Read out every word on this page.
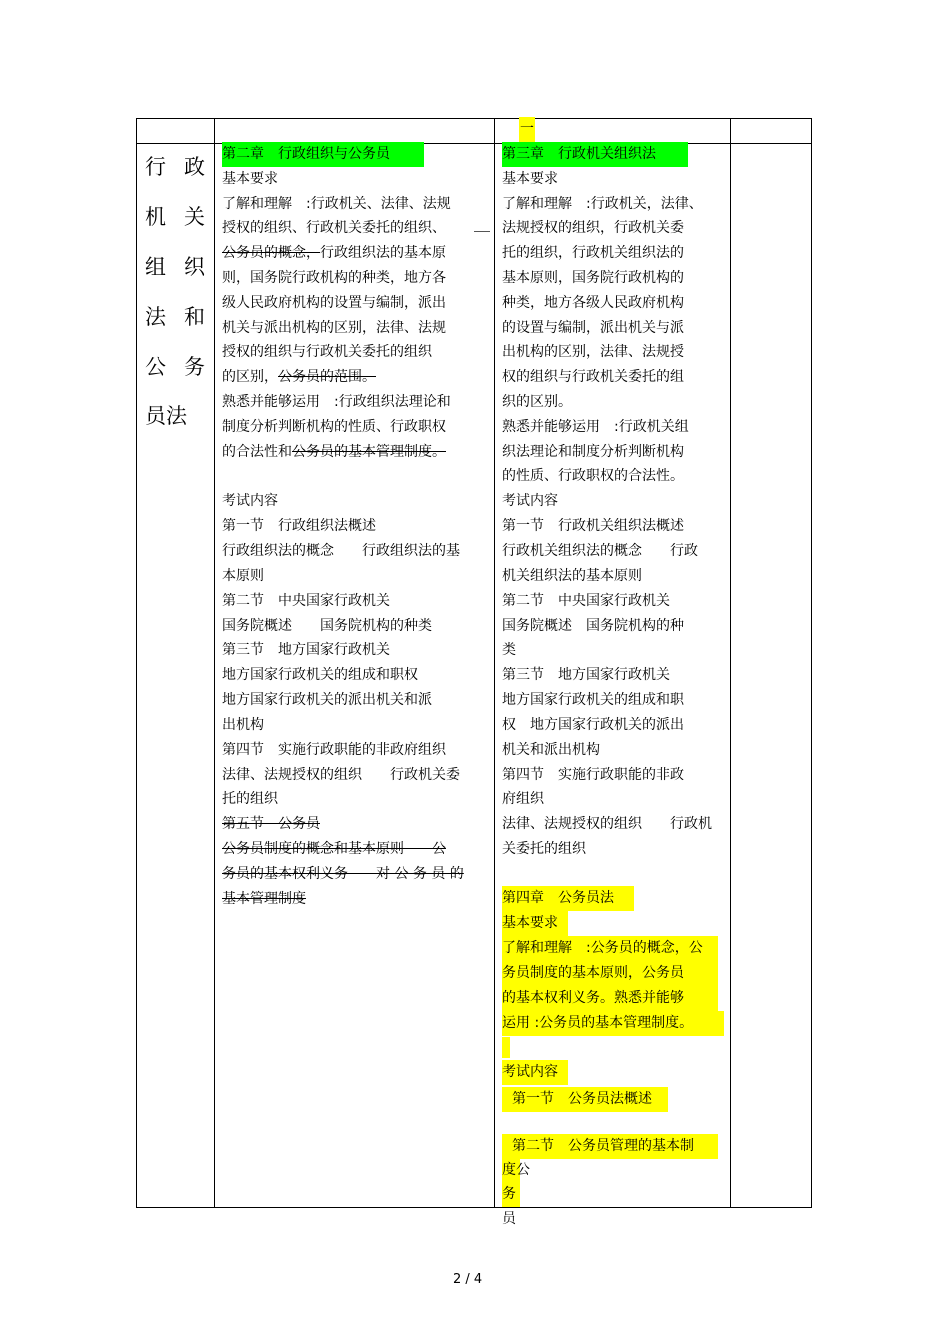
一
行 政
机 关
组 织
法 和
公 务
员法
第二章　行政组织与公务员
基本要求
了解和理解　:行政机关、法律、法规
授权的组织、行政机关委托的组织、
公务员的概念，行政组织法的基本原
则，国务院行政机构的种类，地方各
级人民政府机构的设置与编制，派出
机关与派出机构的区别，法律、法规
授权的组织与行政机关委托的组织
的区别，公务员的范围。
熟悉并能够运用　:行政组织法理论和
制度分析判断机构的性质、行政职权
的合法性和公务员的基本管理制度。
考试内容
第一节　行政组织法概述
行政组织法的概念　　行政组织法的基
本原则
第二节　中央国家行政机关
国务院概述　　国务院机构的种类
第三节　地方国家行政机关
地方国家行政机关的组成和职权
地方国家行政机关的派出机关和派
出机构
第四节　实施行政职能的非政府组织
法律、法规授权的组织　　行政机关委
托的组织
第五节　公务员
公务员制度的概念和基本原则　　公
务员的基本权利义务　　对 公 务 员 的
基本管理制度
第三章　行政机关组织法
基本要求
了解和理解　:行政机关，法律、
法规授权的组织，行政机关委
托的组织，行政机关组织法的
基本原则，国务院行政机构的
种类，地方各级人民政府机构
的设置与编制，派出机关与派
出机构的区别，法律、法规授
权的组织与行政机关委托的组
织的区别。
熟悉并能够运用　:行政机关组
织法理论和制度分析判断机构
的性质、行政职权的合法性。
考试内容
第一节　行政机关组织法概述
行政机关组织法的概念　　行政
机关组织法的基本原则
第二节　中央国家行政机关
国务院概述　国务院机构的种
类
第三节　地方国家行政机关
地方国家行政机关的组成和职
权　地方国家行政机关的派出
机关和派出机构
第四节　实施行政职能的非政
府组织
法律、法规授权的组织　　行政机
关委托的组织
第四章　公务员法
基本要求
了解和理解　:公务员的概念，公
务员制度的基本原则，公务员
的基本权利义务。熟悉并能够
运用 :公务员的基本管理制度。
考试内容
第一节　公务员法概述
第二节　公务员管理的基本制
度公
务
员
2 / 4
